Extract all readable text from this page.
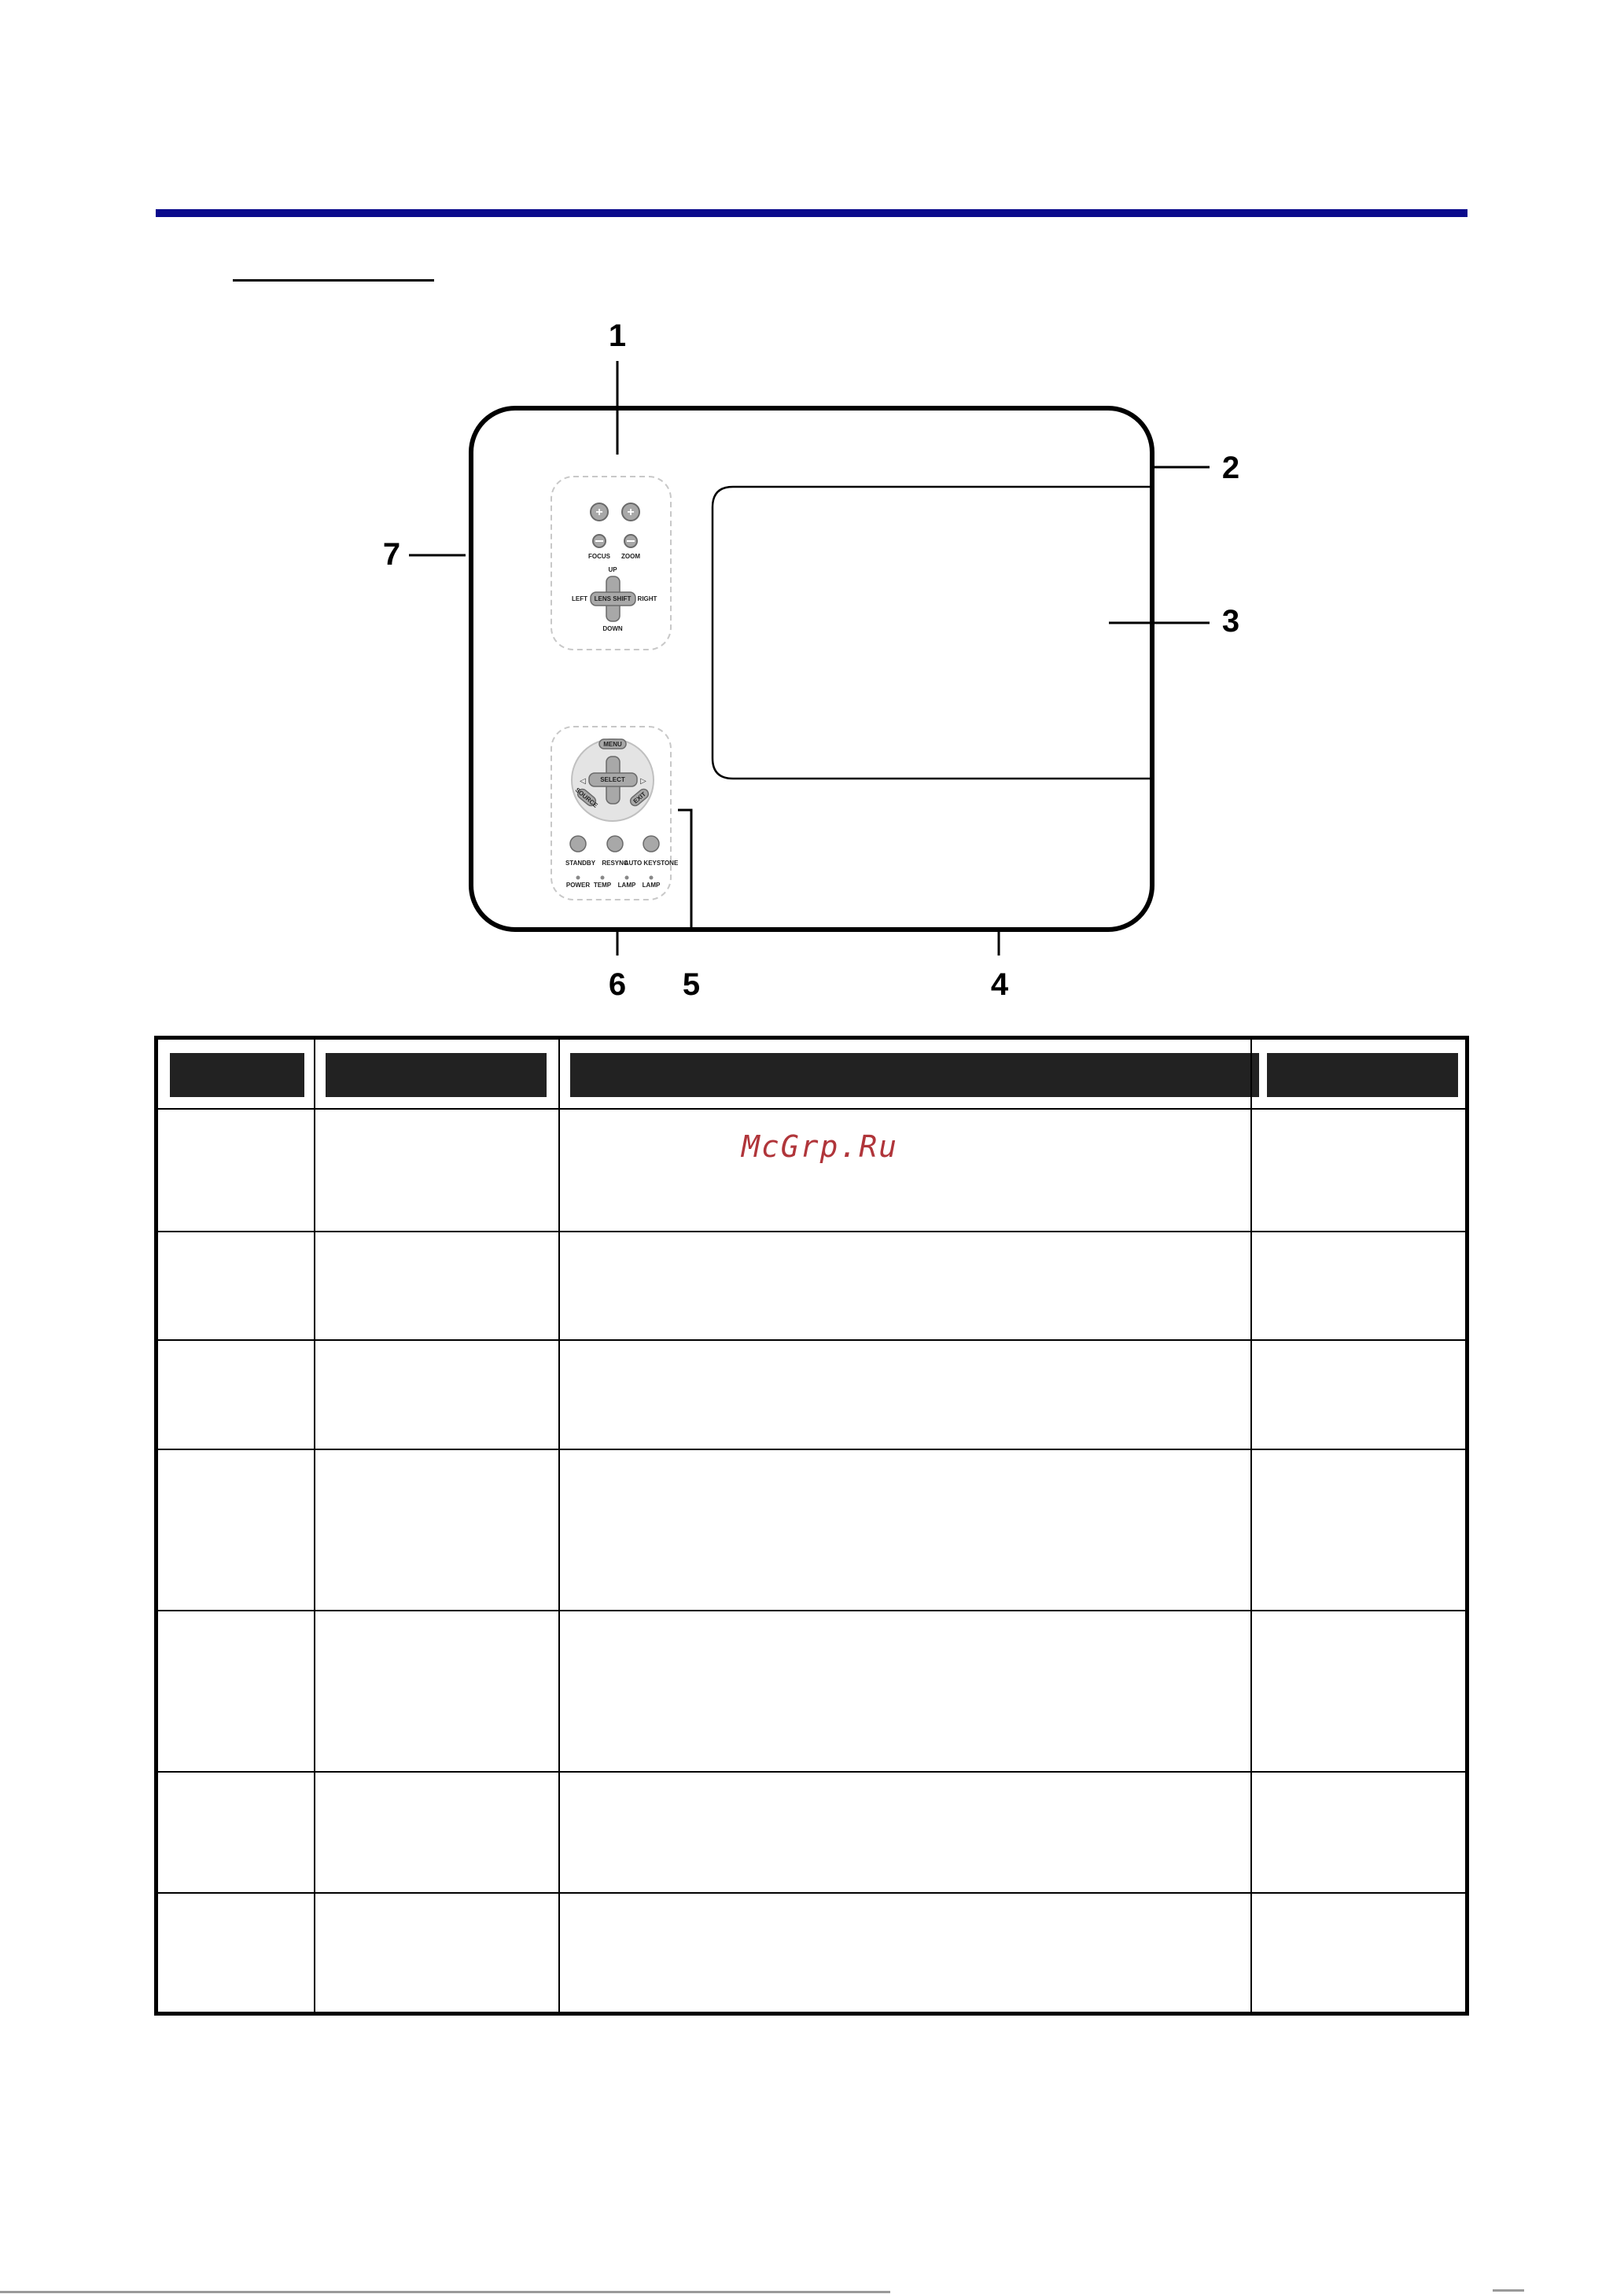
+ +
FOCUS ZOOM
UP
LENS SHIFT
LEFT	RIGHT
DOWN
MENU
SELECT
◁	▷
SOURCE	EXIT
STANDBY RESYNC
AUTO KEYSTONE
POWER TEMP LAMP LAMP
1
2
3
4
5
6
7
McGrp.Ru
